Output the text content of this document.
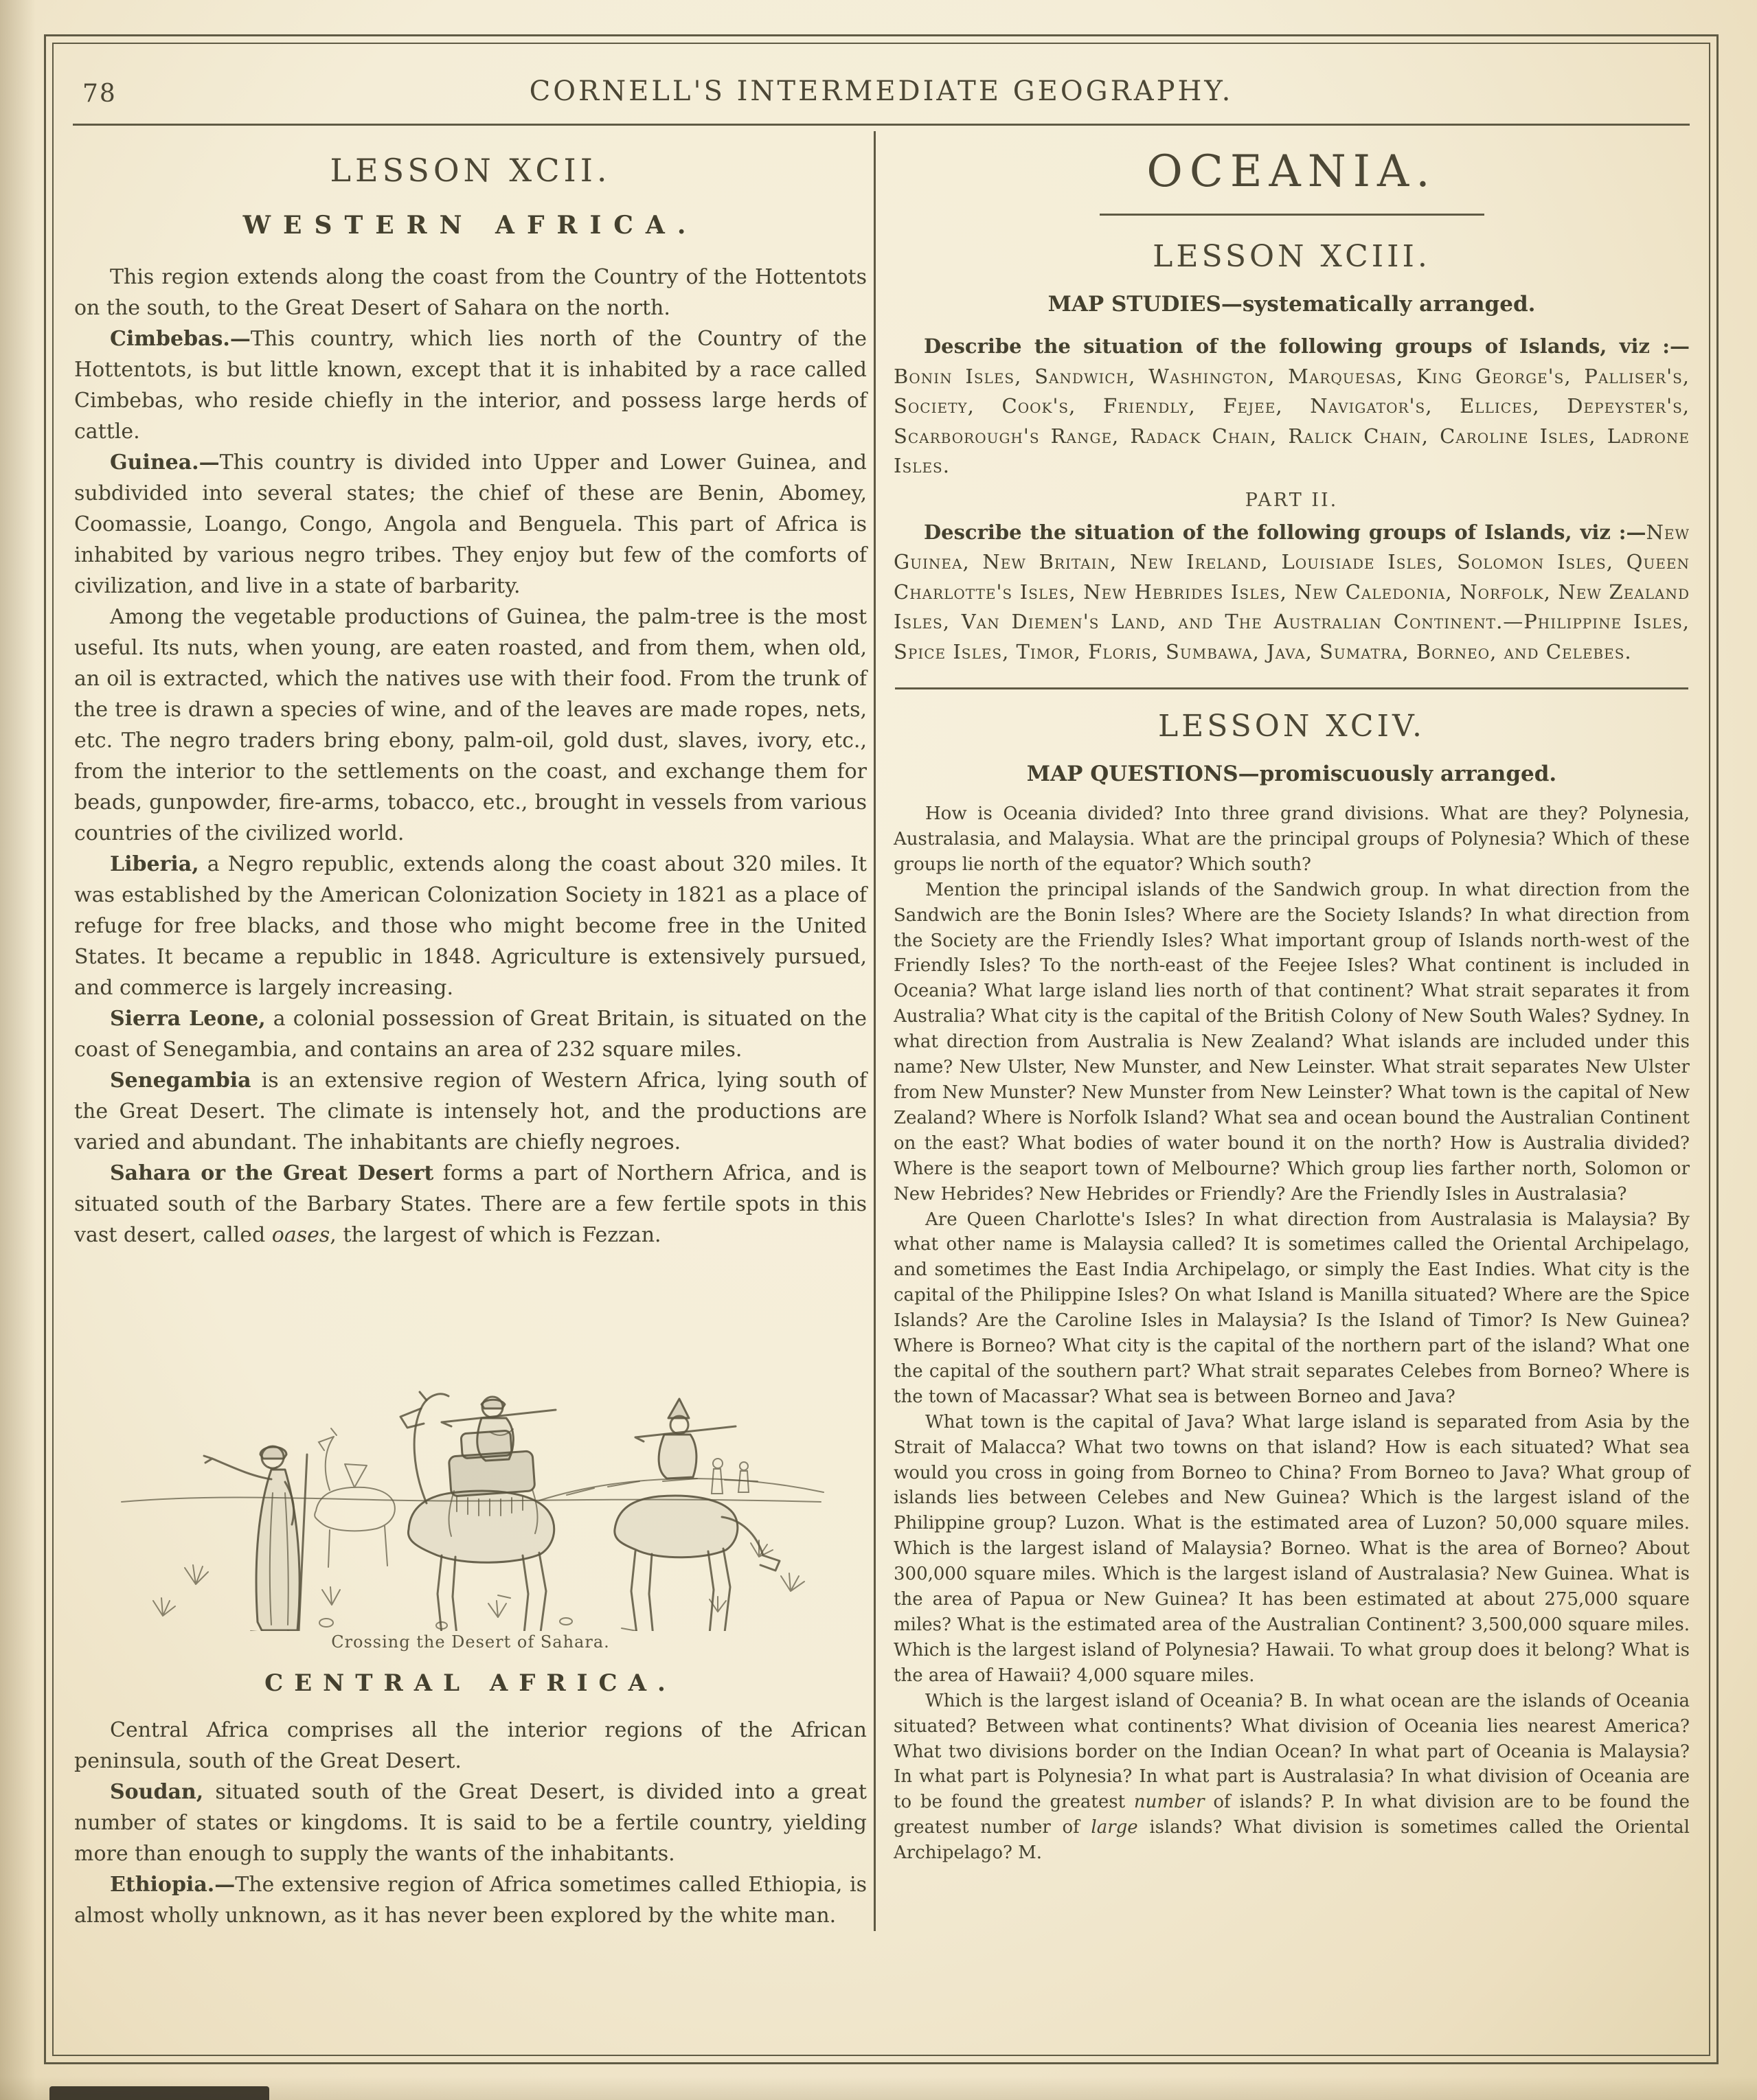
78	CORNELL'S INTERMEDIATE GEOGRAPHY.
LESSON XCII.
WESTERN AFRICA.

This region extends along the coast from the Country of the Hottentots on the south, to the Great Desert of Sahara on the north.

Cimbebas.—This country, which lies north of the Country of the Hottentots, is but little known, except that it is inhabited by a race called Cimbebas, who reside chiefly in the interior, and possess large herds of cattle.

Guinea.—This country is divided into Upper and Lower Guinea, and subdivided into several states; the chief of these are Benin, Abomey, Coomassie, Loango, Congo, Angola and Benguela. This part of Africa is inhabited by various negro tribes. They enjoy but few of the comforts of civilization, and live in a state of barbarity.

Among the vegetable productions of Guinea, the palm-tree is the most useful. Its nuts, when young, are eaten roasted, and from them, when old, an oil is extracted, which the natives use with their food. From the trunk of the tree is drawn a species of wine, and of the leaves are made ropes, nets, etc. The negro traders bring ebony, palm-oil, gold dust, slaves, ivory, etc., from the interior to the settlements on the coast, and exchange them for beads, gunpowder, fire-arms, tobacco, etc., brought in vessels from various countries of the civilized world.

Liberia, a Negro republic, extends along the coast about 320 miles. It was established by the American Colonization Society in 1821 as a place of refuge for free blacks, and those who might become free in the United States. It became a republic in 1848. Agriculture is extensively pursued, and commerce is largely increasing.

Sierra Leone, a colonial possession of Great Britain, is situated on the coast of Senegambia, and contains an area of 232 square miles.

Senegambia is an extensive region of Western Africa, lying south of the Great Desert. The climate is intensely hot, and the productions are varied and abundant. The inhabitants are chiefly negroes.

Sahara or the Great Desert forms a part of Northern Africa, and is situated south of the Barbary States. There are a few fertile spots in this vast desert, called oases, the largest of which is Fezzan.

Crossing the Desert of Sahara.
CENTRAL AFRICA.

Central Africa comprises all the interior regions of the African peninsula, south of the Great Desert.

Soudan, situated south of the Great Desert, is divided into a great number of states or kingdoms. It is said to be a fertile country, yielding more than enough to supply the wants of the inhabitants.

Ethiopia.—The extensive region of Africa sometimes called Ethiopia, is almost wholly unknown, as it has never been explored by the white man.

OCEANIA.
LESSON XCIII.
MAP STUDIES—systematically arranged.

Describe the situation of the following groups of Islands, viz :—Bonin Isles, Sandwich, Washington, Marquesas, King George's, Palliser's, Society, Cook's, Friendly, Fejee, Navigator's, Ellices, Depeyster's, Scarborough's Range, Radack Chain, Ralick Chain, Caroline Isles, Ladrone Isles.

PART II.

Describe the situation of the following groups of Islands, viz :—New Guinea, New Britain, New Ireland, Louisiade Isles, Solomon Isles, Queen Charlotte's Isles, New Hebrides Isles, New Caledonia, Norfolk, New Zealand Isles, Van Diemen's Land, and The Australian Continent.—Philippine Isles, Spice Isles, Timor, Floris, Sumbawa, Java, Sumatra, Borneo, and Celebes.

LESSON XCIV.
MAP QUESTIONS—promiscuously arranged.

How is Oceania divided? Into three grand divisions. What are they? Polynesia, Australasia, and Malaysia. What are the principal groups of Polynesia? Which of these groups lie north of the equator? Which south?

Mention the principal islands of the Sandwich group. In what direction from the Sandwich are the Bonin Isles? Where are the Society Islands? In what direction from the Society are the Friendly Isles? What important group of Islands north-west of the Friendly Isles? To the north-east of the Feejee Isles? What continent is included in Oceania? What large island lies north of that continent? What strait separates it from Australia? What city is the capital of the British Colony of New South Wales? Sydney. In what direction from Australia is New Zealand? What islands are included under this name? New Ulster, New Munster, and New Leinster. What strait separates New Ulster from New Munster? New Munster from New Leinster? What town is the capital of New Zealand? Where is Norfolk Island? What sea and ocean bound the Australian Continent on the east? What bodies of water bound it on the north? How is Australia divided? Where is the seaport town of Melbourne? Which group lies farther north, Solomon or New Hebrides? New Hebrides or Friendly? Are the Friendly Isles in Australasia?

Are Queen Charlotte's Isles? In what direction from Australasia is Malaysia? By what other name is Malaysia called? It is sometimes called the Oriental Archipelago, and sometimes the East India Archipelago, or simply the East Indies. What city is the capital of the Philippine Isles? On what Island is Manilla situated? Where are the Spice Islands? Are the Caroline Isles in Malaysia? Is the Island of Timor? Is New Guinea? Where is Borneo? What city is the capital of the northern part of the island? What one the capital of the southern part? What strait separates Celebes from Borneo? Where is the town of Macassar? What sea is between Borneo and Java?

What town is the capital of Java? What large island is separated from Asia by the Strait of Malacca? What two towns on that island? How is each situated? What sea would you cross in going from Borneo to China? From Borneo to Java? What group of islands lies between Celebes and New Guinea? Which is the largest island of the Philippine group? Luzon. What is the estimated area of Luzon? 50,000 square miles. Which is the largest island of Malaysia? Borneo. What is the area of Borneo? About 300,000 square miles. Which is the largest island of Australasia? New Guinea. What is the area of Papua or New Guinea? It has been estimated at about 275,000 square miles? What is the estimated area of the Australian Continent? 3,500,000 square miles. Which is the largest island of Polynesia? Hawaii. To what group does it belong? What is the area of Hawaii? 4,000 square miles.

Which is the largest island of Oceania? B. In what ocean are the islands of Oceania situated? Between what continents? What division of Oceania lies nearest America? What two divisions border on the Indian Ocean? In what part of Oceania is Malaysia? In what part is Polynesia? In what part is Australasia? In what division of Oceania are to be found the greatest number of islands? P. In what division are to be found the greatest number of large islands? What division is sometimes called the Oriental Archipelago? M.
